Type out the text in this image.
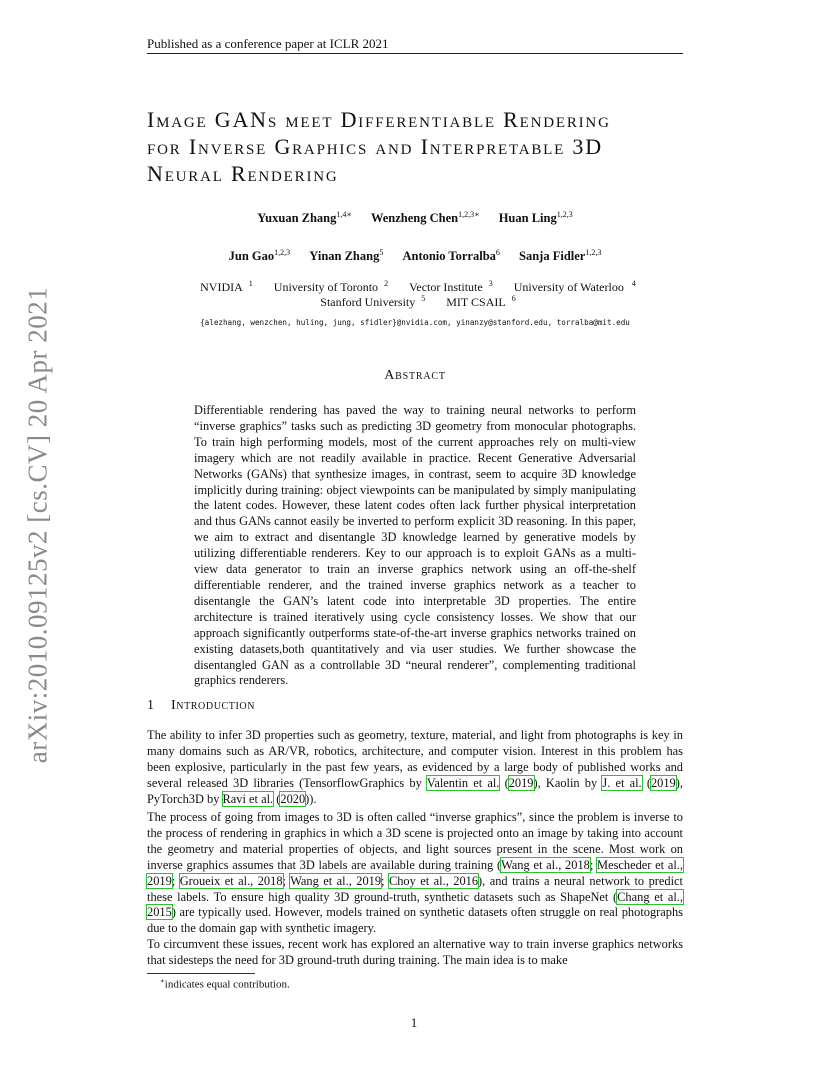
Published as a conference paper at ICLR 2021
arXiv:2010.09125v2 [cs.CV] 20 Apr 2021
Image GANs meet Differentiable Rendering
for Inverse Graphics and Interpretable 3D
Neural Rendering
Yuxuan Zhang$^{1,4∗}$ Wenzheng Chen$^{1,2,3∗}$ Huan Ling$^{1,2,3}$
Jun Gao$^{1,2,3}$ Yinan Zhang$^5$ Antonio Torralba$^6$ Sanja Fidler$^{1,2,3}$
NVIDIA $^1$ University of Toronto $^2$ Vector Institute $^3$ University of Waterloo $^4$
Stanford University $^5$ MIT CSAIL $^6$
{alezhang, wenzchen, huling, jung, sfidler}@nvidia.com, yinanzy@stanford.edu, torralba@mit.edu
Abstract
Differentiable rendering has paved the way to training neural networks to perform “inverse graphics” tasks such as predicting 3D geometry from monocular photographs. To train high performing models, most of the current approaches rely on multi-view imagery which are not readily available in practice. Recent Generative Adversarial Networks (GANs) that synthesize images, in contrast, seem to acquire 3D knowledge implicitly during training: object viewpoints can be manipulated by simply manipulating the latent codes. However, these latent codes often lack further physical interpretation and thus GANs cannot easily be inverted to perform explicit 3D reasoning. In this paper, we aim to extract and disentangle 3D knowledge learned by generative models by utilizing differentiable renderers. Key to our approach is to exploit GANs as a multi-view data generator to train an inverse graphics network using an off-the-shelf differentiable renderer, and the trained inverse graphics network as a teacher to disentangle the GAN’s latent code into interpretable 3D properties. The entire architecture is trained iteratively using cycle consistency losses. We show that our approach significantly outperforms state-of-the-art inverse graphics networks trained on existing datasets,both quantitatively and via user studies. We further showcase the disentangled GAN as a controllable 3D “neural renderer”, complementing traditional graphics renderers.
1 Introduction
The ability to infer 3D properties such as geometry, texture, material, and light from photographs is key in many domains such as AR/VR, robotics, architecture, and computer vision. Interest in this problem has been explosive, particularly in the past few years, as evidenced by a large body of published works and several released 3D libraries (TensorflowGraphics by Valentin et al. (2019), Kaolin by J. et al. (2019), PyTorch3D by Ravi et al. (2020)).
The process of going from images to 3D is often called “inverse graphics”, since the problem is inverse to the process of rendering in graphics in which a 3D scene is projected onto an image by taking into account the geometry and material properties of objects, and light sources present in the scene. Most work on inverse graphics assumes that 3D labels are available during training (Wang et al., 2018; Mescheder et al., 2019; Groueix et al., 2018; Wang et al., 2019; Choy et al., 2016), and trains a neural network to predict these labels. To ensure high quality 3D ground-truth, synthetic datasets such as ShapeNet (Chang et al., 2015) are typically used. However, models trained on synthetic datasets often struggle on real photographs due to the domain gap with synthetic imagery.
To circumvent these issues, recent work has explored an alternative way to train inverse graphics networks that sidesteps the need for 3D ground-truth during training. The main idea is to make
∗indicates equal contribution.
1
